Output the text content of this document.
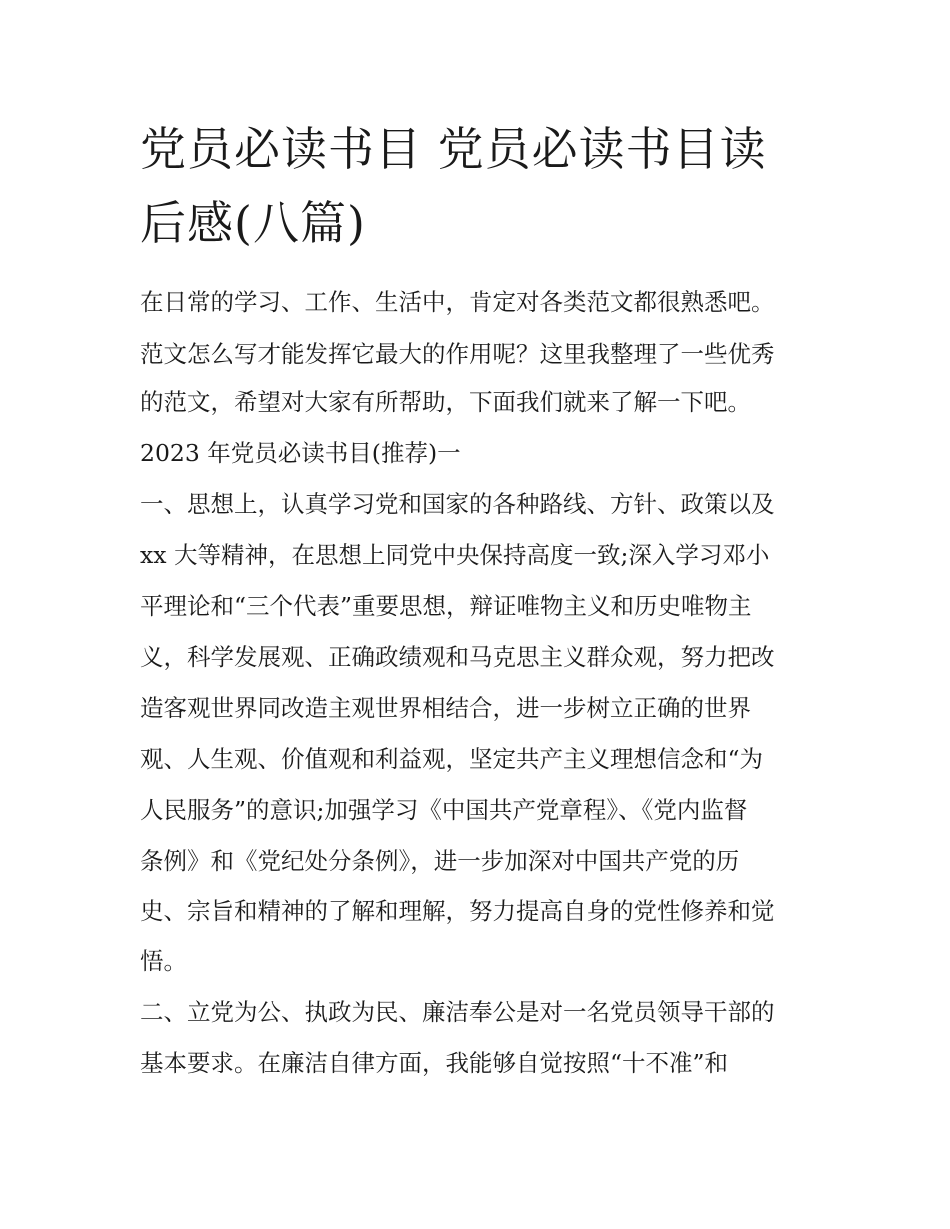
党员必读书目 党员必读书目读
后感(八篇)

在日常的学习、工作、生活中，肯定对各类范文都很熟悉吧。

范文怎么写才能发挥它最大的作用呢？这里我整理了一些优秀

的范文，希望对大家有所帮助，下面我们就来了解一下吧。

2023 年党员必读书目(推荐)一

一、思想上，认真学习党和国家的各种路线、方针、政策以及

xx 大等精神，在思想上同党中央保持高度一致;深入学习邓小

平理论和“三个代表”重要思想，辩证唯物主义和历史唯物主

义，科学发展观、正确政绩观和马克思主义群众观，努力把改

造客观世界同改造主观世界相结合，进一步树立正确的世界

观、人生观、价值观和利益观，坚定共产主义理想信念和“为

人民服务”的意识;加强学习《中国共产党章程》、《党内监督

条例》和《党纪处分条例》，进一步加深对中国共产党的历

史、宗旨和精神的了解和理解，努力提高自身的党性修养和觉

悟。

二、立党为公、执政为民、廉洁奉公是对一名党员领导干部的

基本要求。在廉洁自律方面，我能够自觉按照“十不准”和
